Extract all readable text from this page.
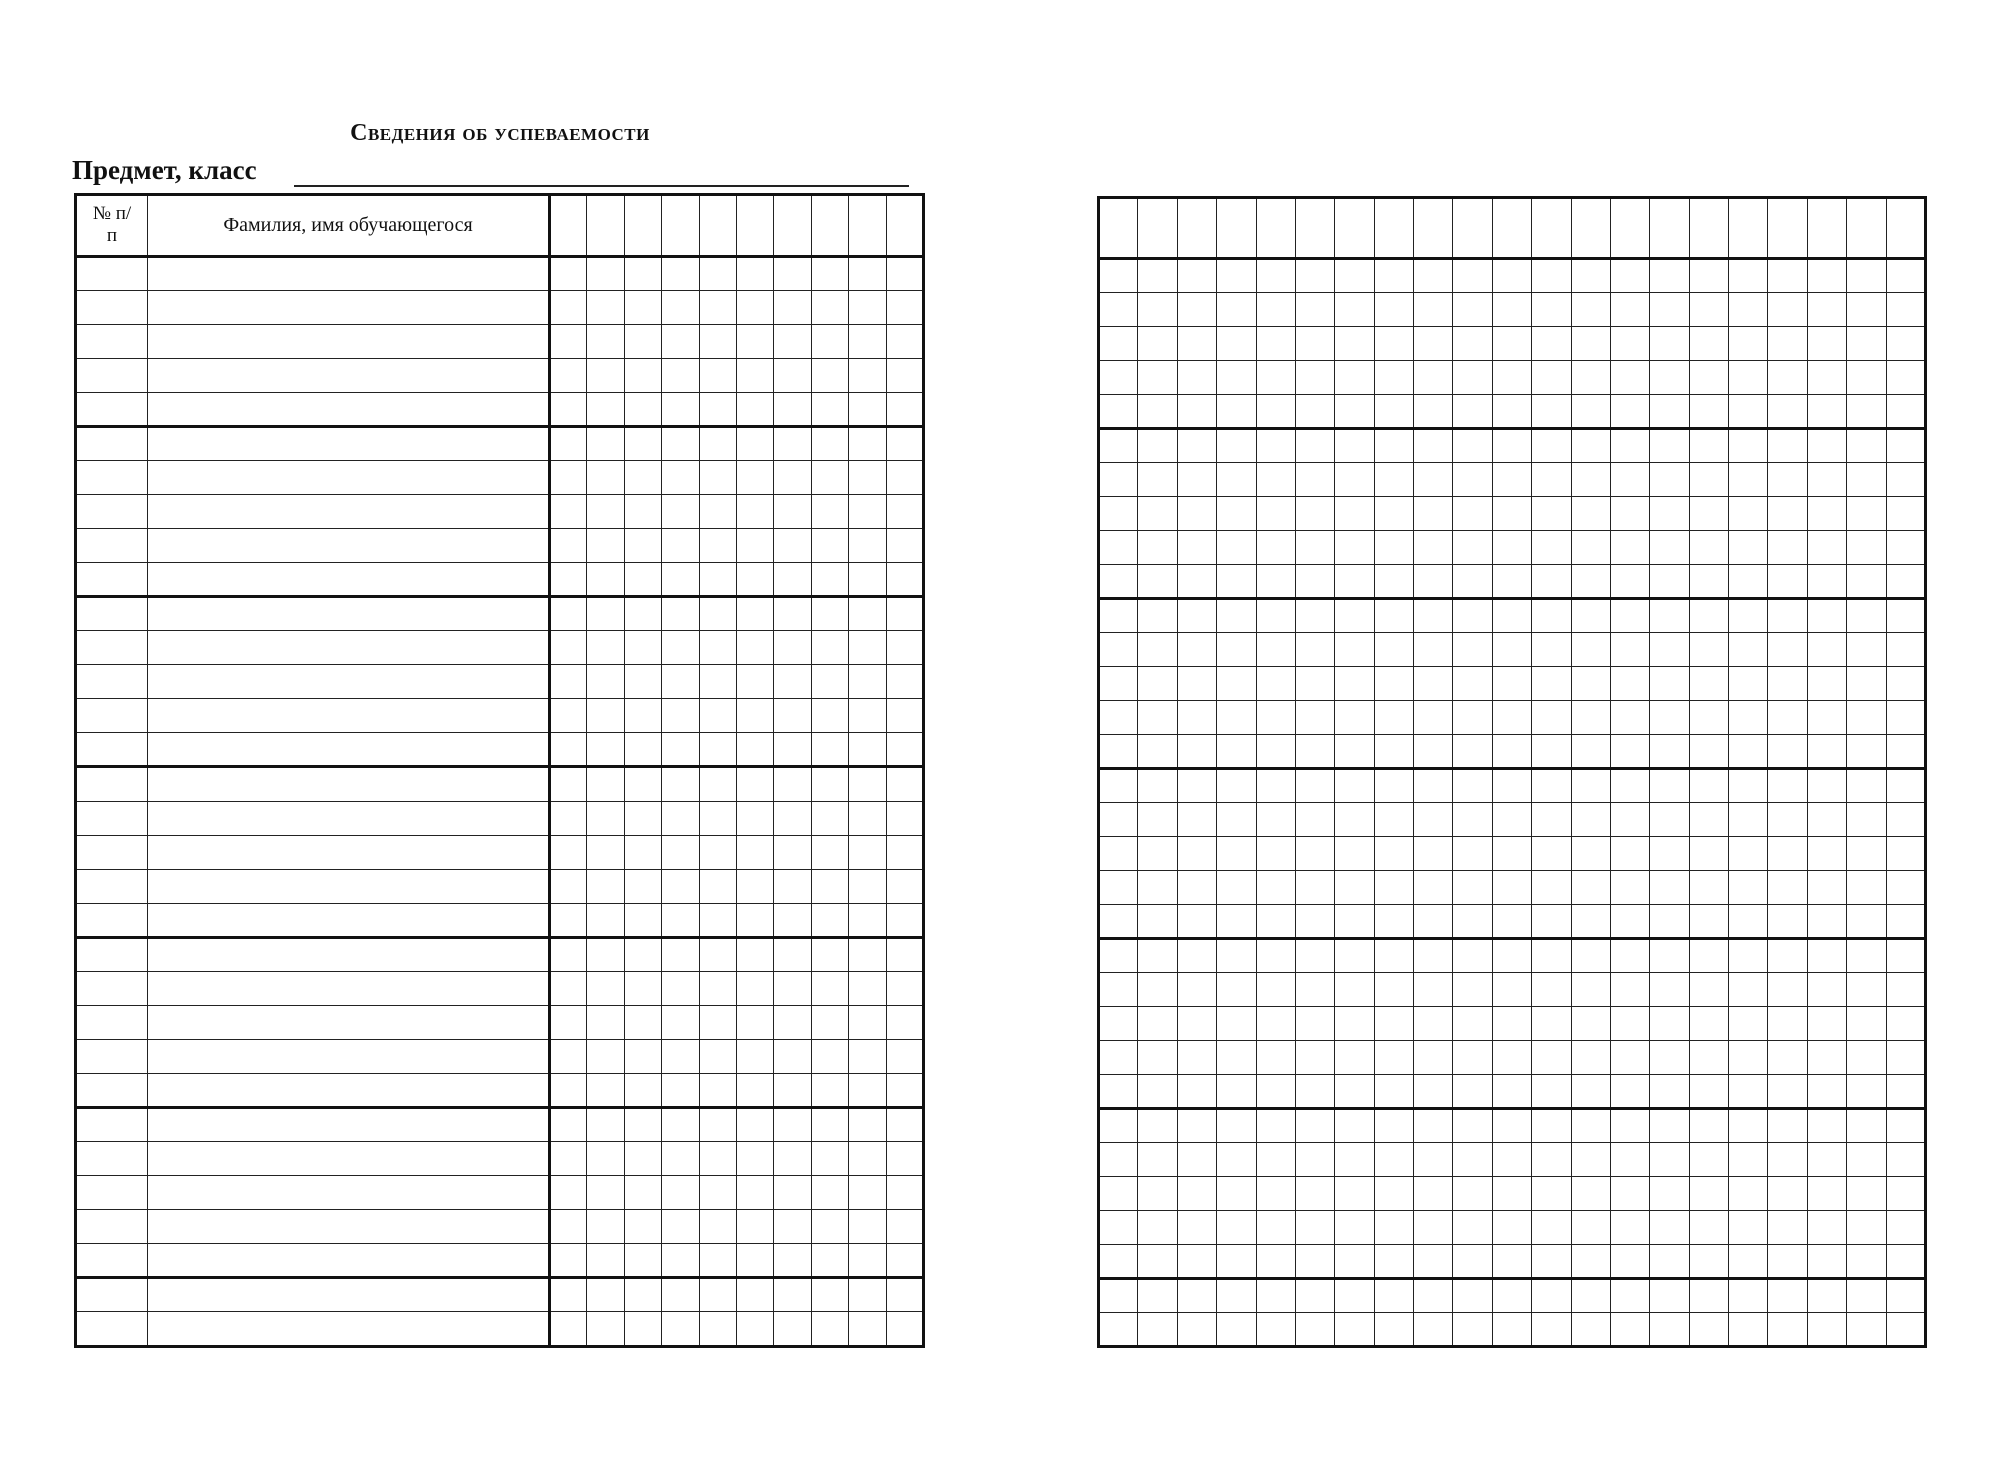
Сведения об успеваемости
Предмет, класс
№ п/п	Фамилия, имя обучающегося										
